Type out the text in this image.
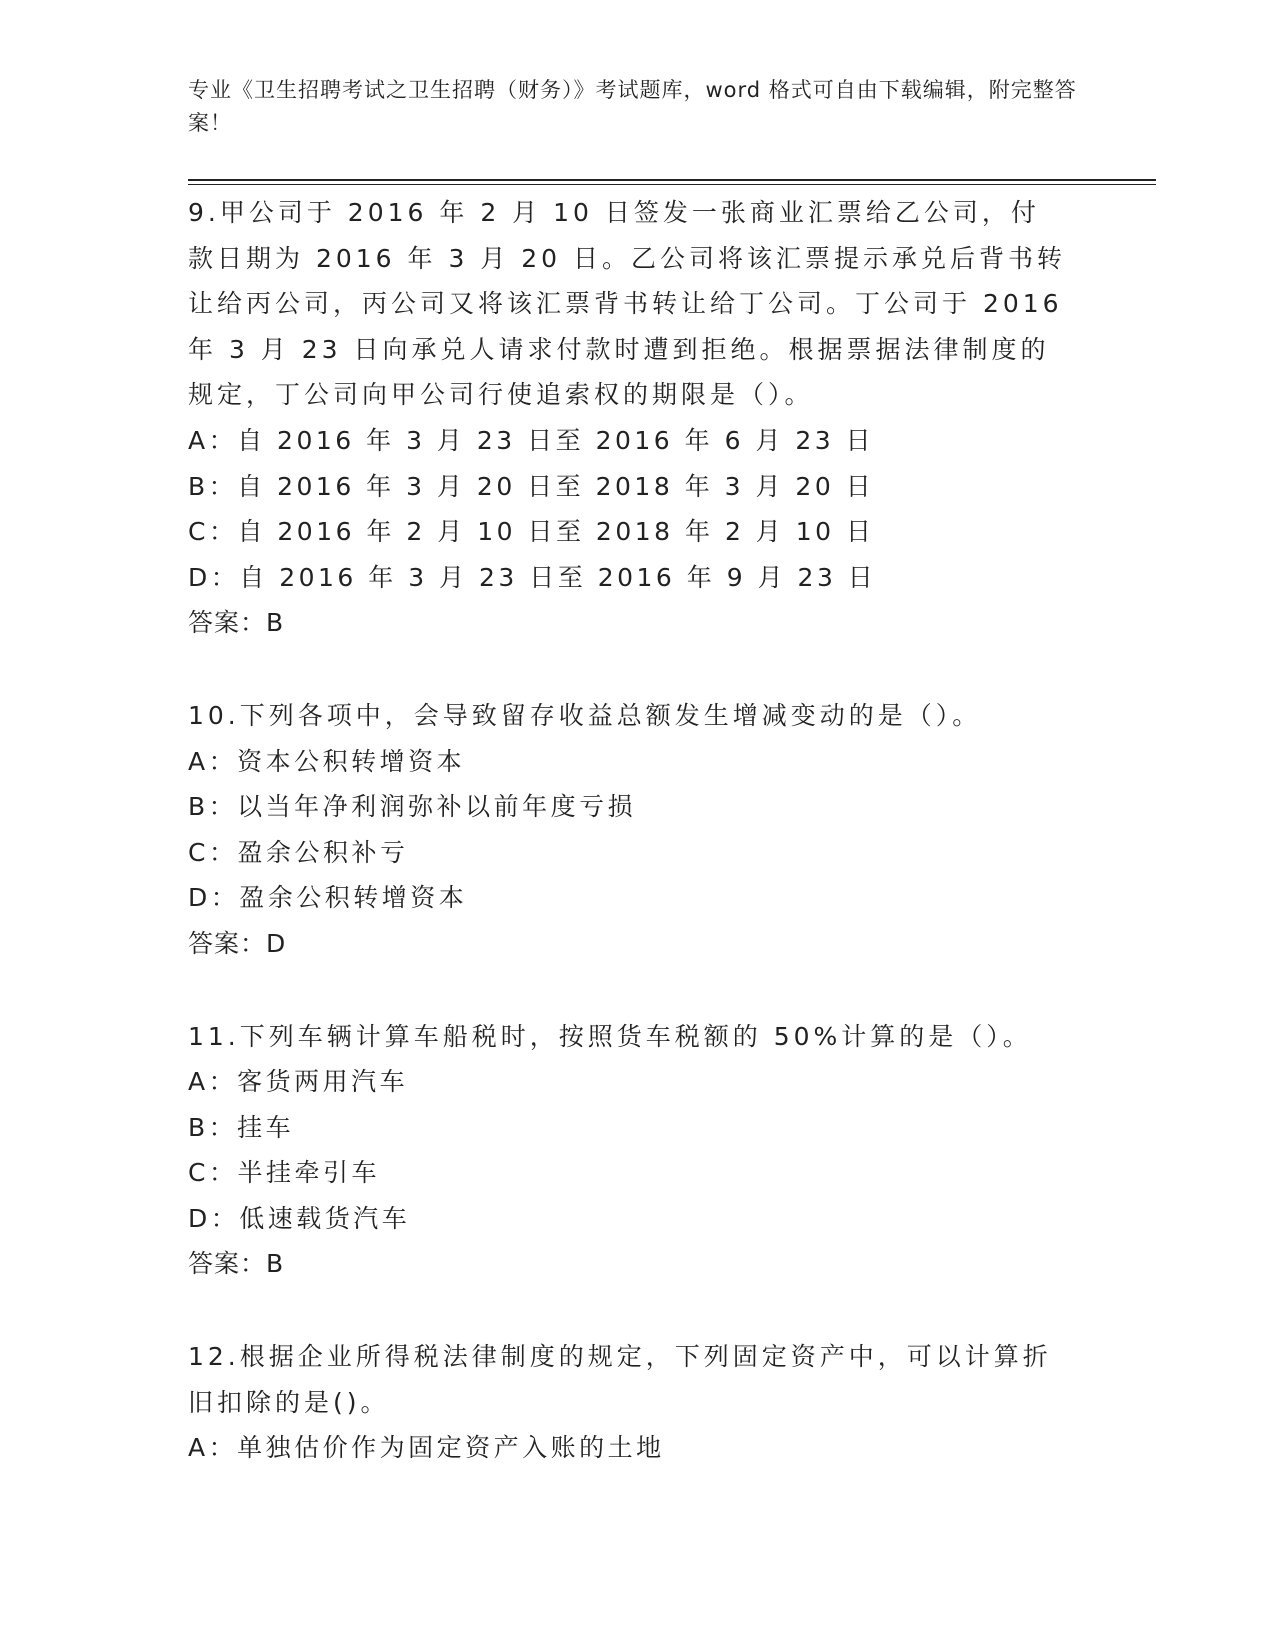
专业《卫生招聘考试之卫生招聘（财务）》考试题库，word 格式可自由下载编辑，附完整答案！
9.甲公司于 2016 年 2 月 10 日签发一张商业汇票给乙公司，付款日期为 2016 年 3 月 20 日。乙公司将该汇票提示承兑后背书转让给丙公司，丙公司又将该汇票背书转让给丁公司。丁公司于 2016 年 3 月 23 日向承兑人请求付款时遭到拒绝。根据票据法律制度的规定，丁公司向甲公司行使追索权的期限是（）。
A：自 2016 年 3 月 23 日至 2016 年 6 月 23 日
B：自 2016 年 3 月 20 日至 2018 年 3 月 20 日
C：自 2016 年 2 月 10 日至 2018 年 2 月 10 日
D：自 2016 年 3 月 23 日至 2016 年 9 月 23 日
答案：B
10.下列各项中，会导致留存收益总额发生增减变动的是（）。
A：资本公积转增资本
B：以当年净利润弥补以前年度亏损
C：盈余公积补亏
D：盈余公积转增资本
答案：D
11.下列车辆计算车船税时，按照货车税额的 50%计算的是（）。
A：客货两用汽车
B：挂车
C：半挂牵引车
D：低速载货汽车
答案：B
12.根据企业所得税法律制度的规定，下列固定资产中，可以计算折旧扣除的是()。
A：单独估价作为固定资产入账的土地
